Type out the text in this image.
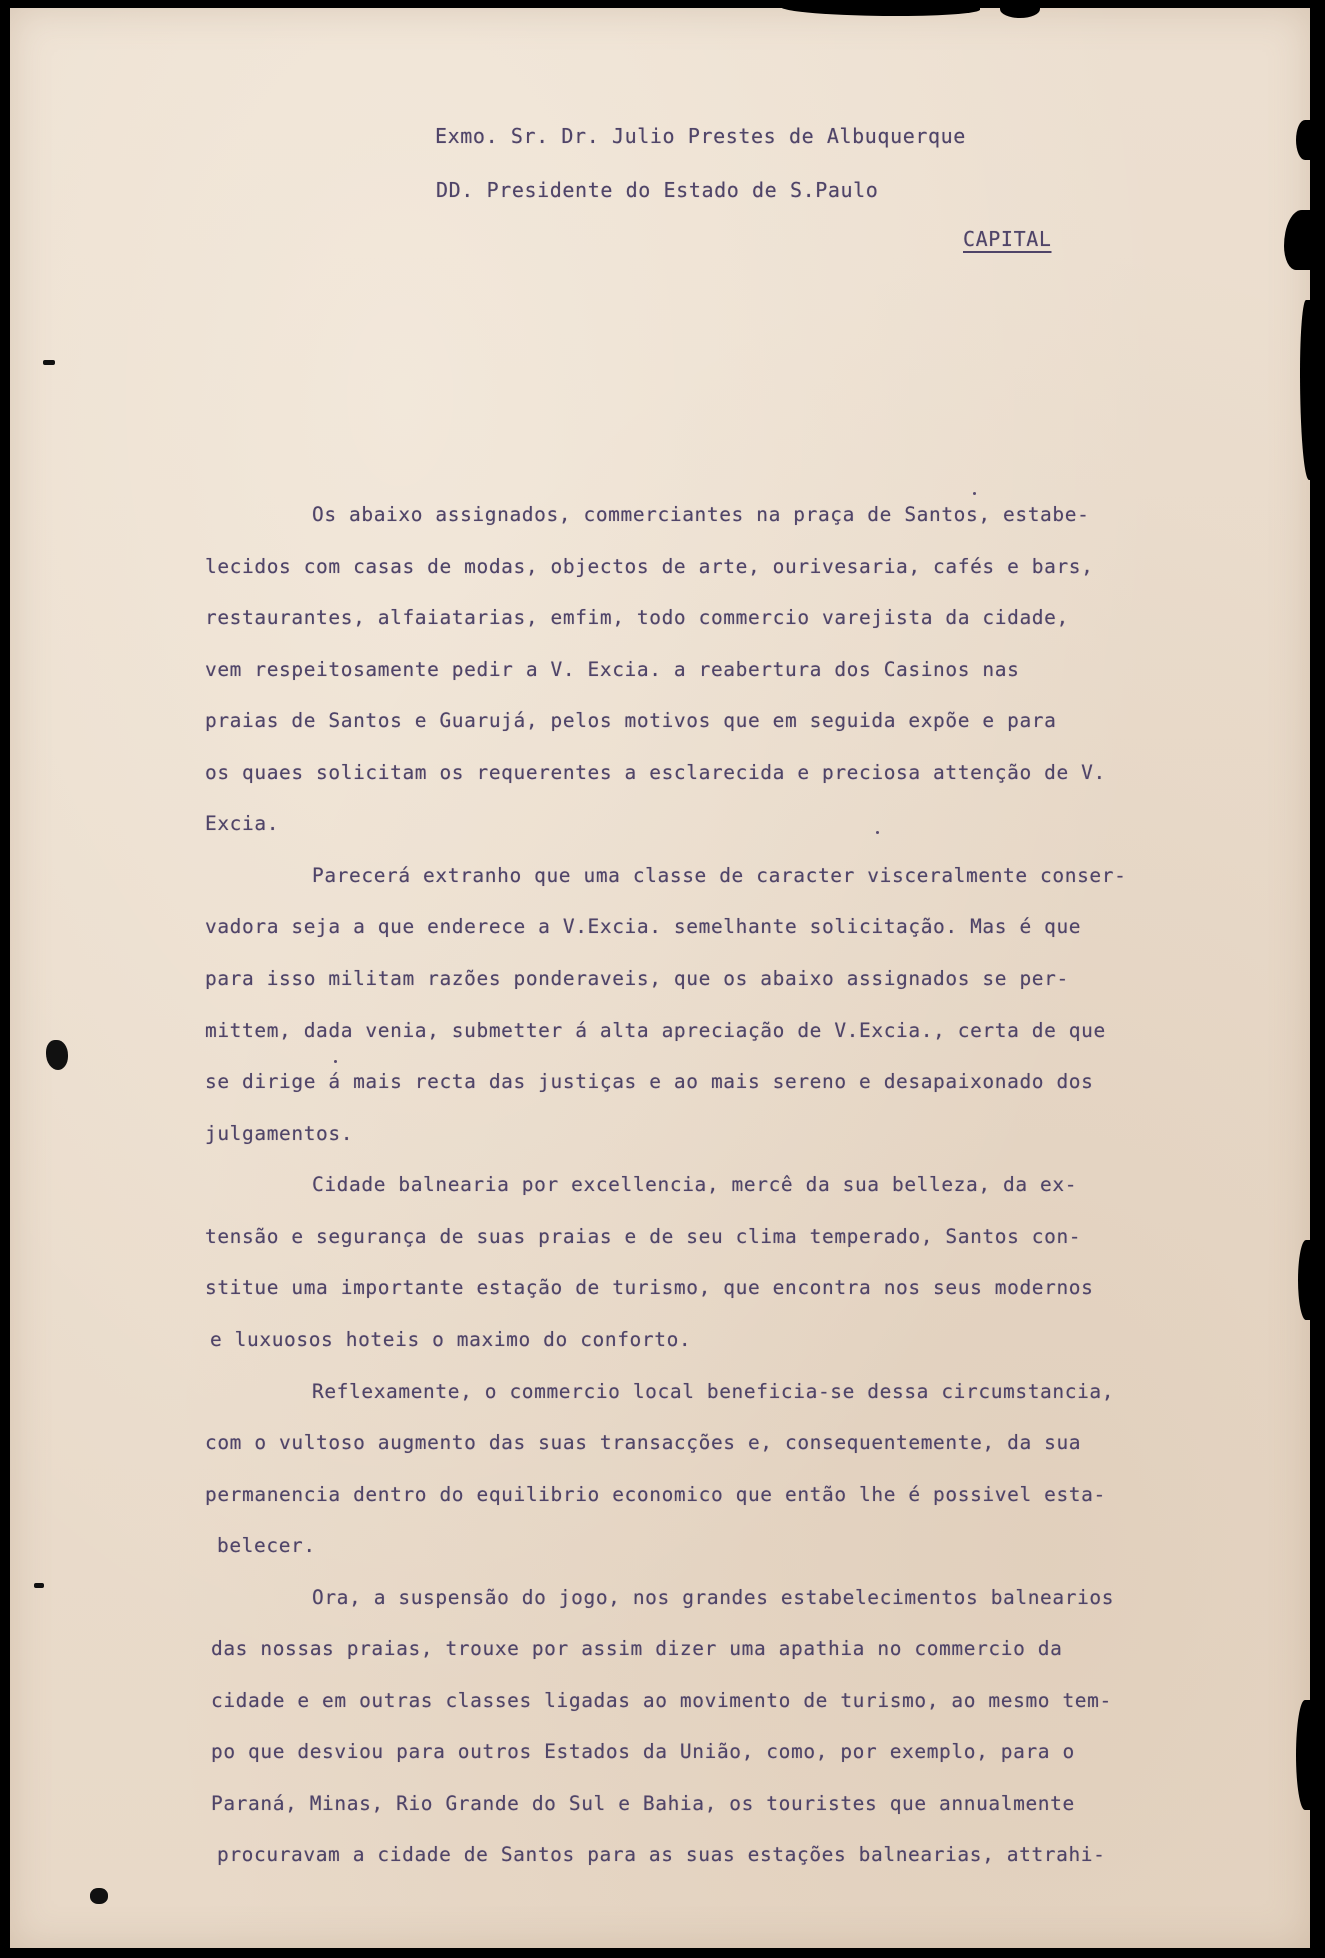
Exmo. Sr. Dr. Julio Prestes de Albuquerque
DD. Presidente do Estado de S.Paulo
CAPITAL
Os abaixo assignados, commerciantes na praça de Santos, estabe-
lecidos com casas de modas, objectos de arte, ourivesaria, cafés e bars,
restaurantes, alfaiatarias, emfim, todo commercio varejista da cidade,
vem respeitosamente pedir a V. Excia. a reabertura dos Casinos nas
praias de Santos e Guarujá, pelos motivos que em seguida expõe e para
os quaes solicitam os requerentes a esclarecida e preciosa attenção de V.
Excia.
Parecerá extranho que uma classe de caracter visceralmente conser-
vadora seja a que enderece a V.Excia. semelhante solicitação. Mas é que
para isso militam razões ponderaveis, que os abaixo assignados se per-
mittem, dada venia, submetter á alta apreciação de V.Excia., certa de que
se dirige á mais recta das justiças e ao mais sereno e desapaixonado dos
julgamentos.
Cidade balnearia por excellencia, mercê da sua belleza, da ex-
tensão e segurança de suas praias e de seu clima temperado, Santos con-
stitue uma importante estação de turismo, que encontra nos seus modernos
e luxuosos hoteis o maximo do conforto.
Reflexamente, o commercio local beneficia-se dessa circumstancia,
com o vultoso augmento das suas transacções e, consequentemente, da sua
permanencia dentro do equilibrio economico que então lhe é possivel esta-
belecer.
Ora, a suspensão do jogo, nos grandes estabelecimentos balnearios
das nossas praias, trouxe por assim dizer uma apathia no commercio da
cidade e em outras classes ligadas ao movimento de turismo, ao mesmo tem-
po que desviou para outros Estados da União, como, por exemplo, para o
Paraná, Minas, Rio Grande do Sul e Bahia, os touristes que annualmente
procuravam a cidade de Santos para as suas estações balnearias, attrahi-
